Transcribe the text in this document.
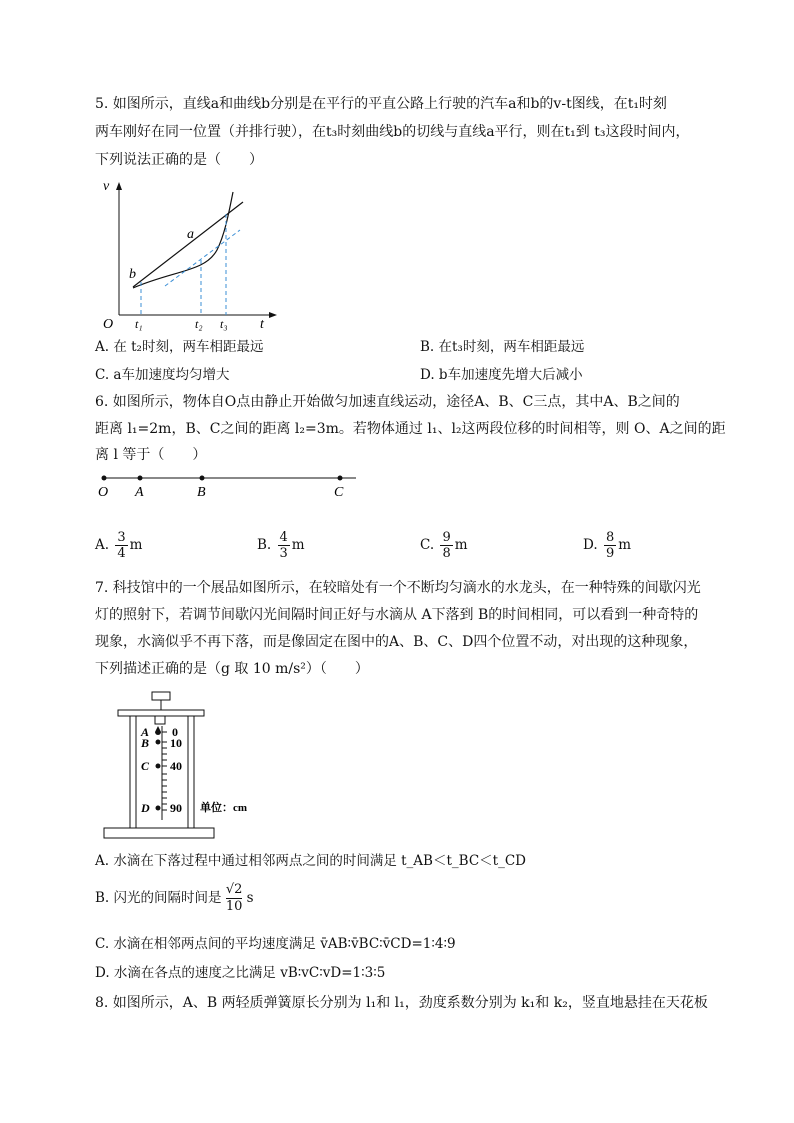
5. 如图所示，直线a和曲线b分别是在平行的平直公路上行驶的汽车a和b的v-t图线，在t₁时刻
两车刚好在同一位置（并排行驶），在t₃时刻曲线b的切线与直线a平行，则在t₁到 t₃这段时间内，
下列说法正确的是（　　）
v
t
O
a
b
t₁	t₂ t₃
A. 在 t₂时刻，两车相距最远	B. 在t₃时刻，两车相距最远
C. a车加速度均匀增大	D. b车加速度先增大后减小
6. 如图所示，物体自O点由静止开始做匀加速直线运动，途径A、B、C三点，其中A、B之间的
距离 l₁=2m，B、C之间的距离 l₂=3m。若物体通过 l₁、l₂这两段位移的时间相等，则 O、A之间的距
离 l 等于（　　）
O A	B	C
A. $\frac{3}{4}$ m	B. $\frac{4}{3}$ m	C. $\frac{9}{8}$ m	D. $\frac{8}{9}$ m
7. 科技馆中的一个展品如图所示，在较暗处有一个不断均匀滴水的水龙头，在一种特殊的间歇闪光
灯的照射下，若调节间歇闪光间隔时间正好与水滴从 A下落到 B的时间相同，可以看到一种奇特的
现象，水滴似乎不再下落，而是像固定在图中的A、B、C、D四个位置不动，对出现的这种现象，
下列描述正确的是（g 取 10 m/s²）（　　）
A
B
C
D
0
10
40
90 单位：cm
A. 水滴在下落过程中通过相邻两点之间的时间满足 t_AB＜t_BC＜t_CD
B. 闪光的间隔时间是 $\frac{√2}{10}$ s
C. 水滴在相邻两点间的平均速度满足 v̄AB∶v̄BC∶v̄CD=1∶4∶9
D. 水滴在各点的速度之比满足 vB∶vC∶vD=1∶3∶5
8. 如图所示，A、B 两轻质弹簧原长分别为 l₁和 l₁，劲度系数分别为 k₁和 k₂，竖直地悬挂在天花板
